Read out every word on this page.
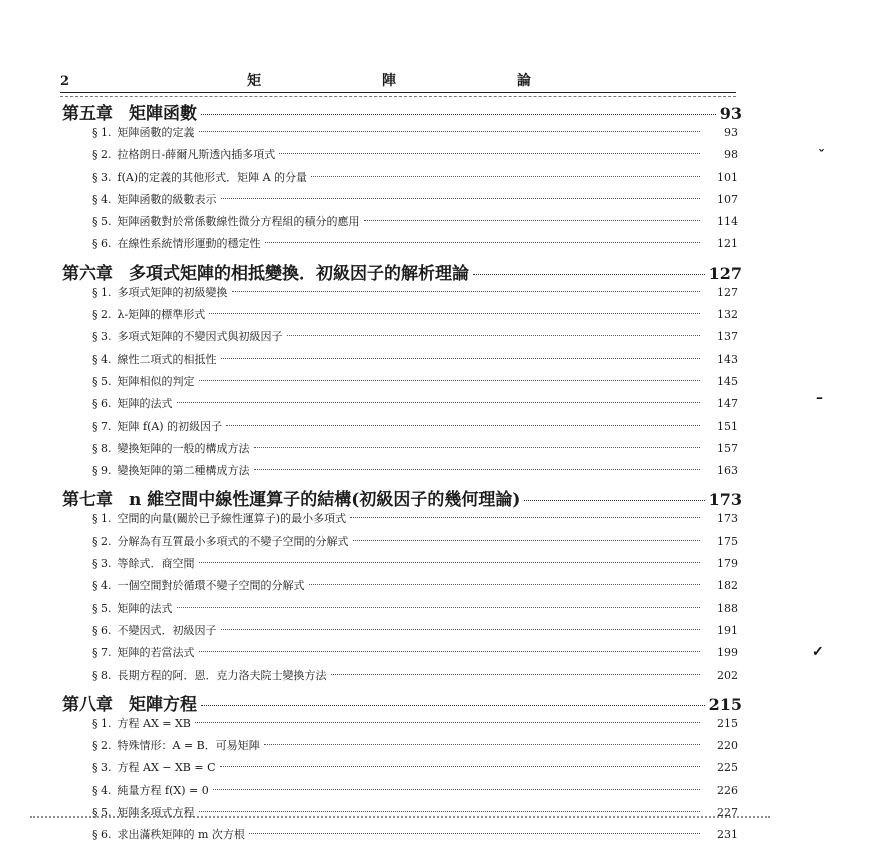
2	矩 陣 論
第五章 矩陣函數	93
§ 1. 矩陣函數的定義	93
§ 2. 拉格朗日-薛爾凡斯透內插多項式	98
§ 3. f(A)的定義的其他形式．矩陣 A 的分量	101
§ 4. 矩陣函數的級數表示	107
§ 5. 矩陣函數對於常係數線性微分方程組的積分的應用	114
§ 6. 在線性系統情形運動的穩定性	121
第六章 多項式矩陣的相抵變換．初級因子的解析理論	127
§ 1. 多項式矩陣的初級變換	127
§ 2. λ-矩陣的標準形式	132
§ 3. 多項式矩陣的不變因式與初級因子	137
§ 4. 線性二項式的相抵性	143
§ 5. 矩陣相似的判定	145
§ 6. 矩陣的法式	147
§ 7. 矩陣 f(A) 的初級因子	151
§ 8. 變換矩陣的一般的構成方法	157
§ 9. 變換矩陣的第二種構成方法	163
第七章 n 維空間中線性運算子的結構(初級因子的幾何理論)	173
§ 1. 空間的向量(關於已予線性運算子)的最小多項式	173
§ 2. 分解為有互質最小多項式的不變子空間的分解式	175
§ 3. 等餘式．商空間	179
§ 4. 一個空間對於循環不變子空間的分解式	182
§ 5. 矩陣的法式	188
§ 6. 不變因式．初級因子	191
§ 7. 矩陣的若當法式	199
§ 8. 長期方程的阿．恩．克力洛夫院士變換方法	202
第八章 矩陣方程	215
§ 1. 方程 AX = XB	215
§ 2. 特殊情形：A = B．可易矩陣	220
§ 3. 方程 AX − XB = C	225
§ 4. 純量方程 f(X) = 0	226
§ 5. 矩陣多項式方程	227
§ 6. 求出滿秩矩陣的 m 次方根	231
ˇ
–
✓
